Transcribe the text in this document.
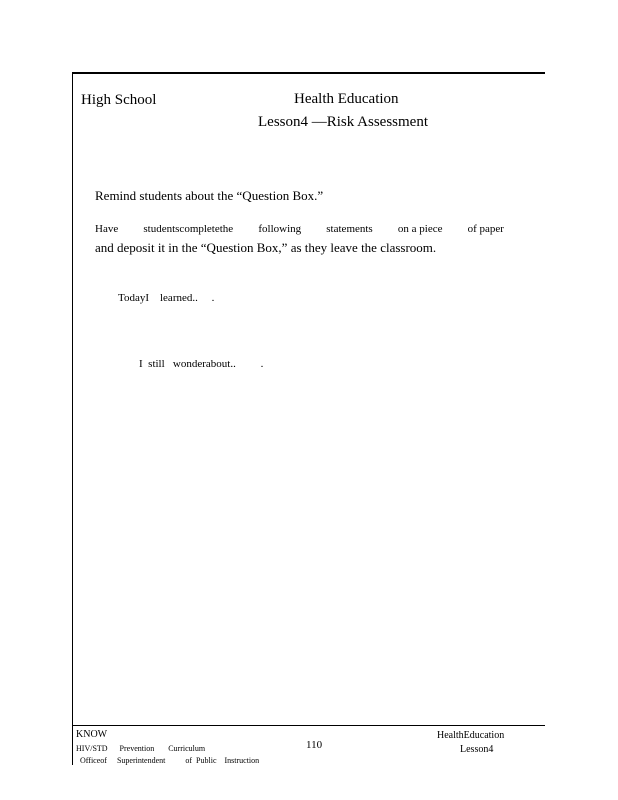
High School	Health Education
Lesson4 —Risk Assessment
Remind students about the “Question Box.”
Have studentscompletethe following statements on a piece of paper
and deposit it in the “Question Box,” as they leave the classroom.
TodayI    learned..     .
I  still   wonderabout..         .
KNOW
HIV/STD      Prevention       Curriculum
Officeof     Superintendent          of  Public    Instruction
110
HealthEducation
Lesson4
